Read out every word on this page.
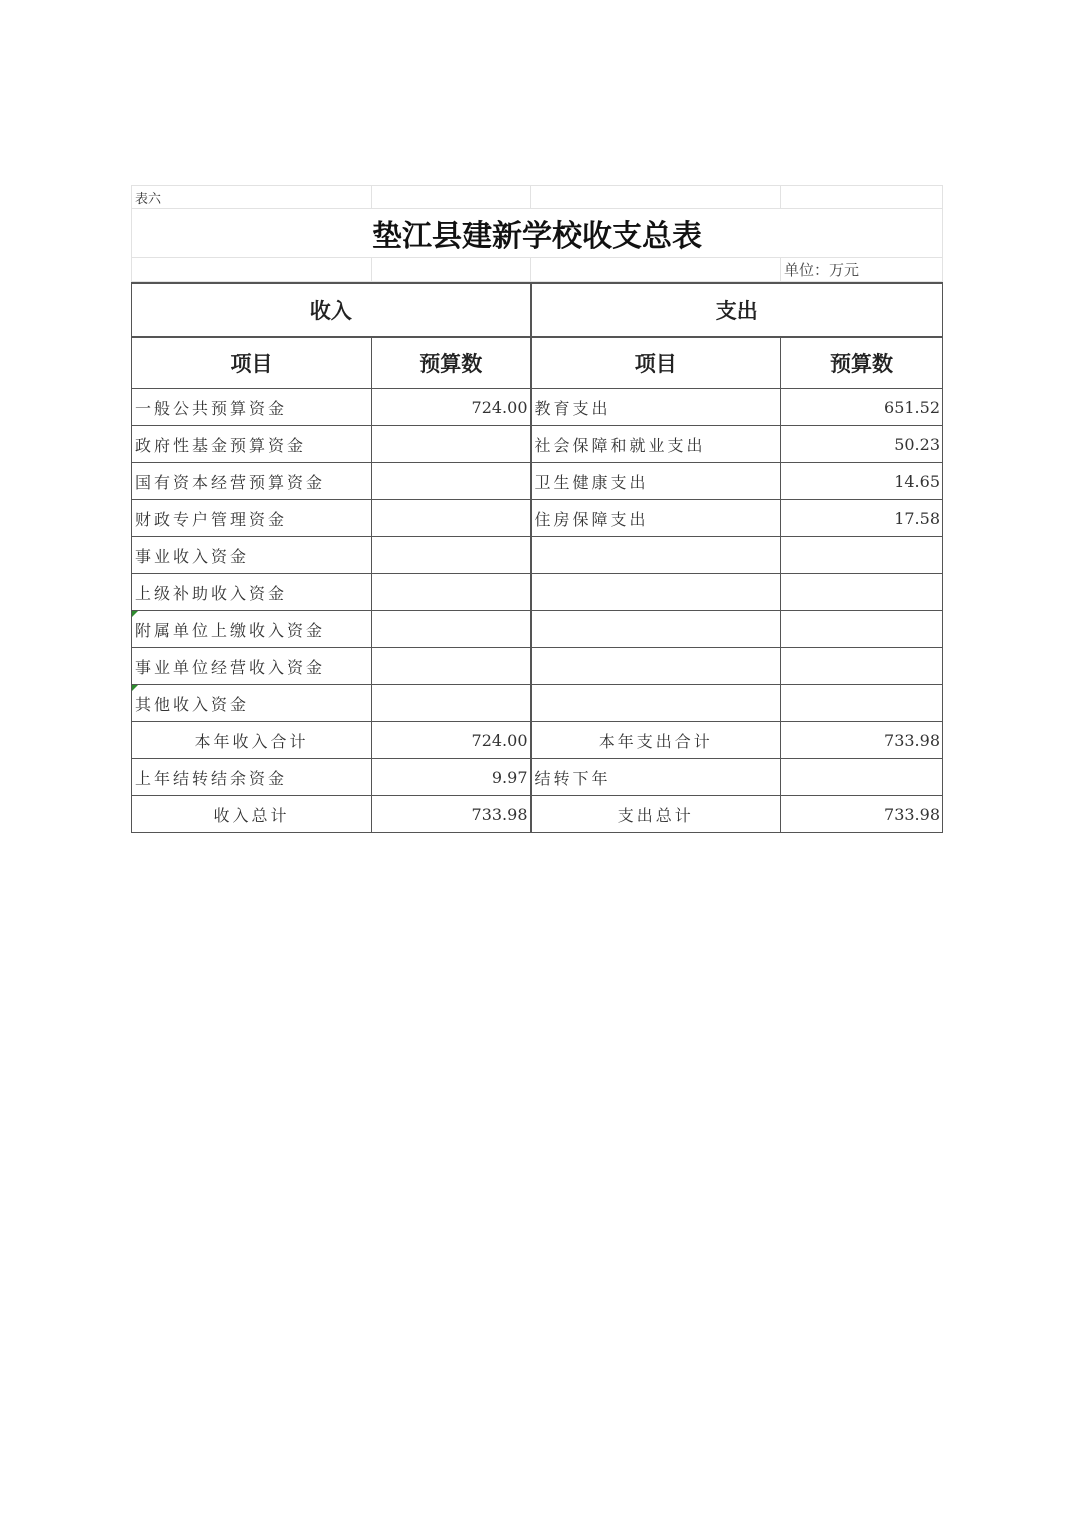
表六			
垫江县建新学校收支总表			
			单位：万元
收入		支出	
项目	预算数	项目	预算数
一般公共预算资金	724.00	教育支出	651.52
政府性基金预算资金		社会保障和就业支出	50.23
国有资本经营预算资金		卫生健康支出	14.65
财政专户管理资金		住房保障支出	17.58
事业收入资金			
上级补助收入资金			
附属单位上缴收入资金			
事业单位经营收入资金			
其他收入资金			
本年收入合计	724.00	本年支出合计	733.98
上年结转结余资金	9.97	结转下年	
收入总计	733.98	支出总计	733.98
